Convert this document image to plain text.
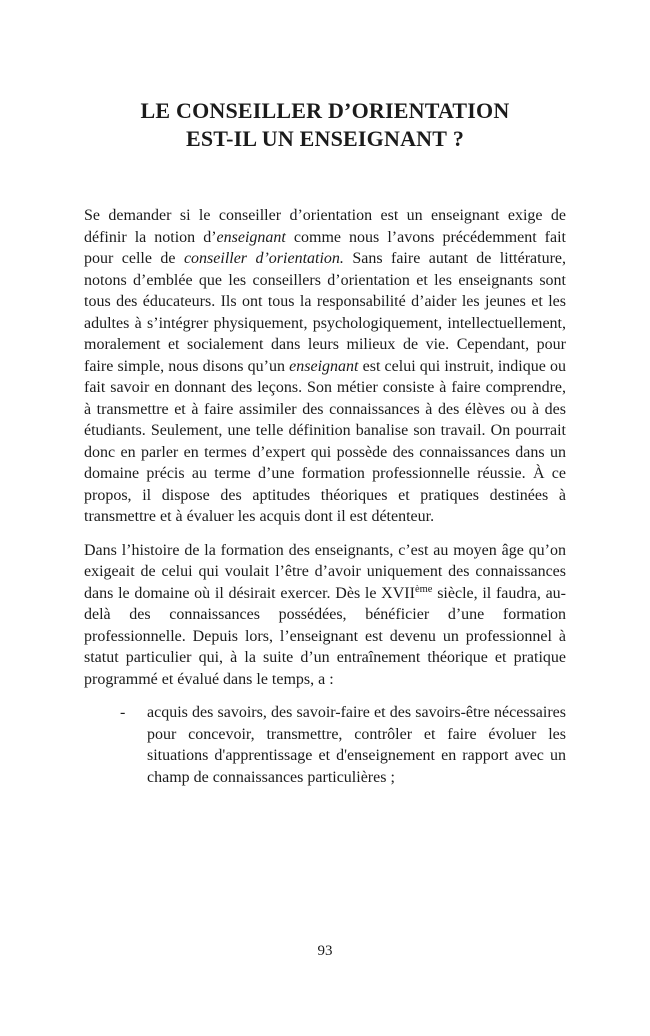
LE CONSEILLER D’ORIENTATION
EST-IL UN ENSEIGNANT ?

Se demander si le conseiller d’orientation est un enseignant exige de définir la notion d’enseignant comme nous l’avons précédemment fait pour celle de conseiller d’orientation. Sans faire autant de littérature, notons d’emblée que les conseillers d’orientation et les enseignants sont tous des éducateurs. Ils ont tous la responsabilité d’aider les jeunes et les adultes à s’intégrer physiquement, psychologiquement, intellectuellement, moralement et socialement dans leurs milieux de vie. Cependant, pour faire simple, nous disons qu’un enseignant est celui qui instruit, indique ou fait savoir en donnant des leçons. Son métier consiste à faire comprendre, à transmettre et à faire assimiler des connaissances à des élèves ou à des étudiants. Seulement, une telle définition banalise son travail. On pourrait donc en parler en termes d’expert qui possède des connaissances dans un domaine précis au terme d’une formation professionnelle réussie. À ce propos, il dispose des aptitudes théoriques et pratiques destinées à transmettre et à évaluer les acquis dont il est détenteur.

Dans l’histoire de la formation des enseignants, c’est au moyen âge qu’on exigeait de celui qui voulait l’être d’avoir uniquement des connaissances dans le domaine où il désirait exercer. Dès le XVIIème siècle, il faudra, au-delà des connaissances possédées, bénéficier d’une formation professionnelle. Depuis lors, l’enseignant est devenu un professionnel à statut particulier qui, à la suite d’un entraînement théorique et pratique programmé et évalué dans le temps, a :

-	acquis des savoirs, des savoir-faire et des savoirs-être nécessaires pour concevoir, transmettre, contrôler et faire évoluer les situations d'apprentissage et d'enseignement en rapport avec un champ de connaissances particulières ;
93
